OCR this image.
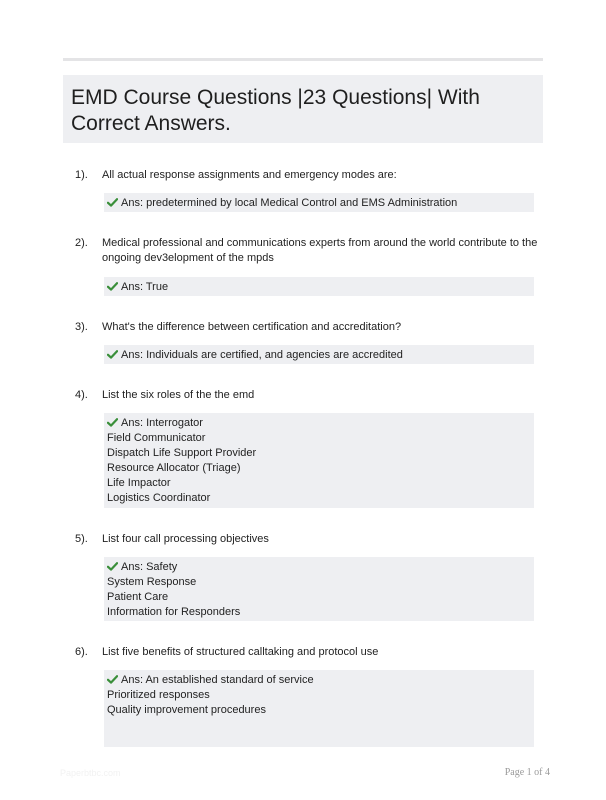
EMD Course Questions |23 Questions| With Correct Answers.
1). All actual response assignments and emergency modes are:
Ans: predetermined by local Medical Control and EMS Administration
2). Medical professional and communications experts from around the world contribute to the ongoing dev3elopment of the mpds
Ans: True
3). What's the difference between certification and accreditation?
Ans: Individuals are certified, and agencies are accredited
4). List the six roles of the the emd
Ans: Interrogator
Field Communicator
Dispatch Life Support Provider
Resource Allocator (Triage)
Life Impactor
Logistics Coordinator
5). List four call processing objectives
Ans: Safety
System Response
Patient Care
Information for Responders
6). List five benefits of structured calltaking and protocol use
Ans: An established standard of service
Prioritized responses
Quality improvement procedures
Paperbtbc.com	Page 1 of 4
